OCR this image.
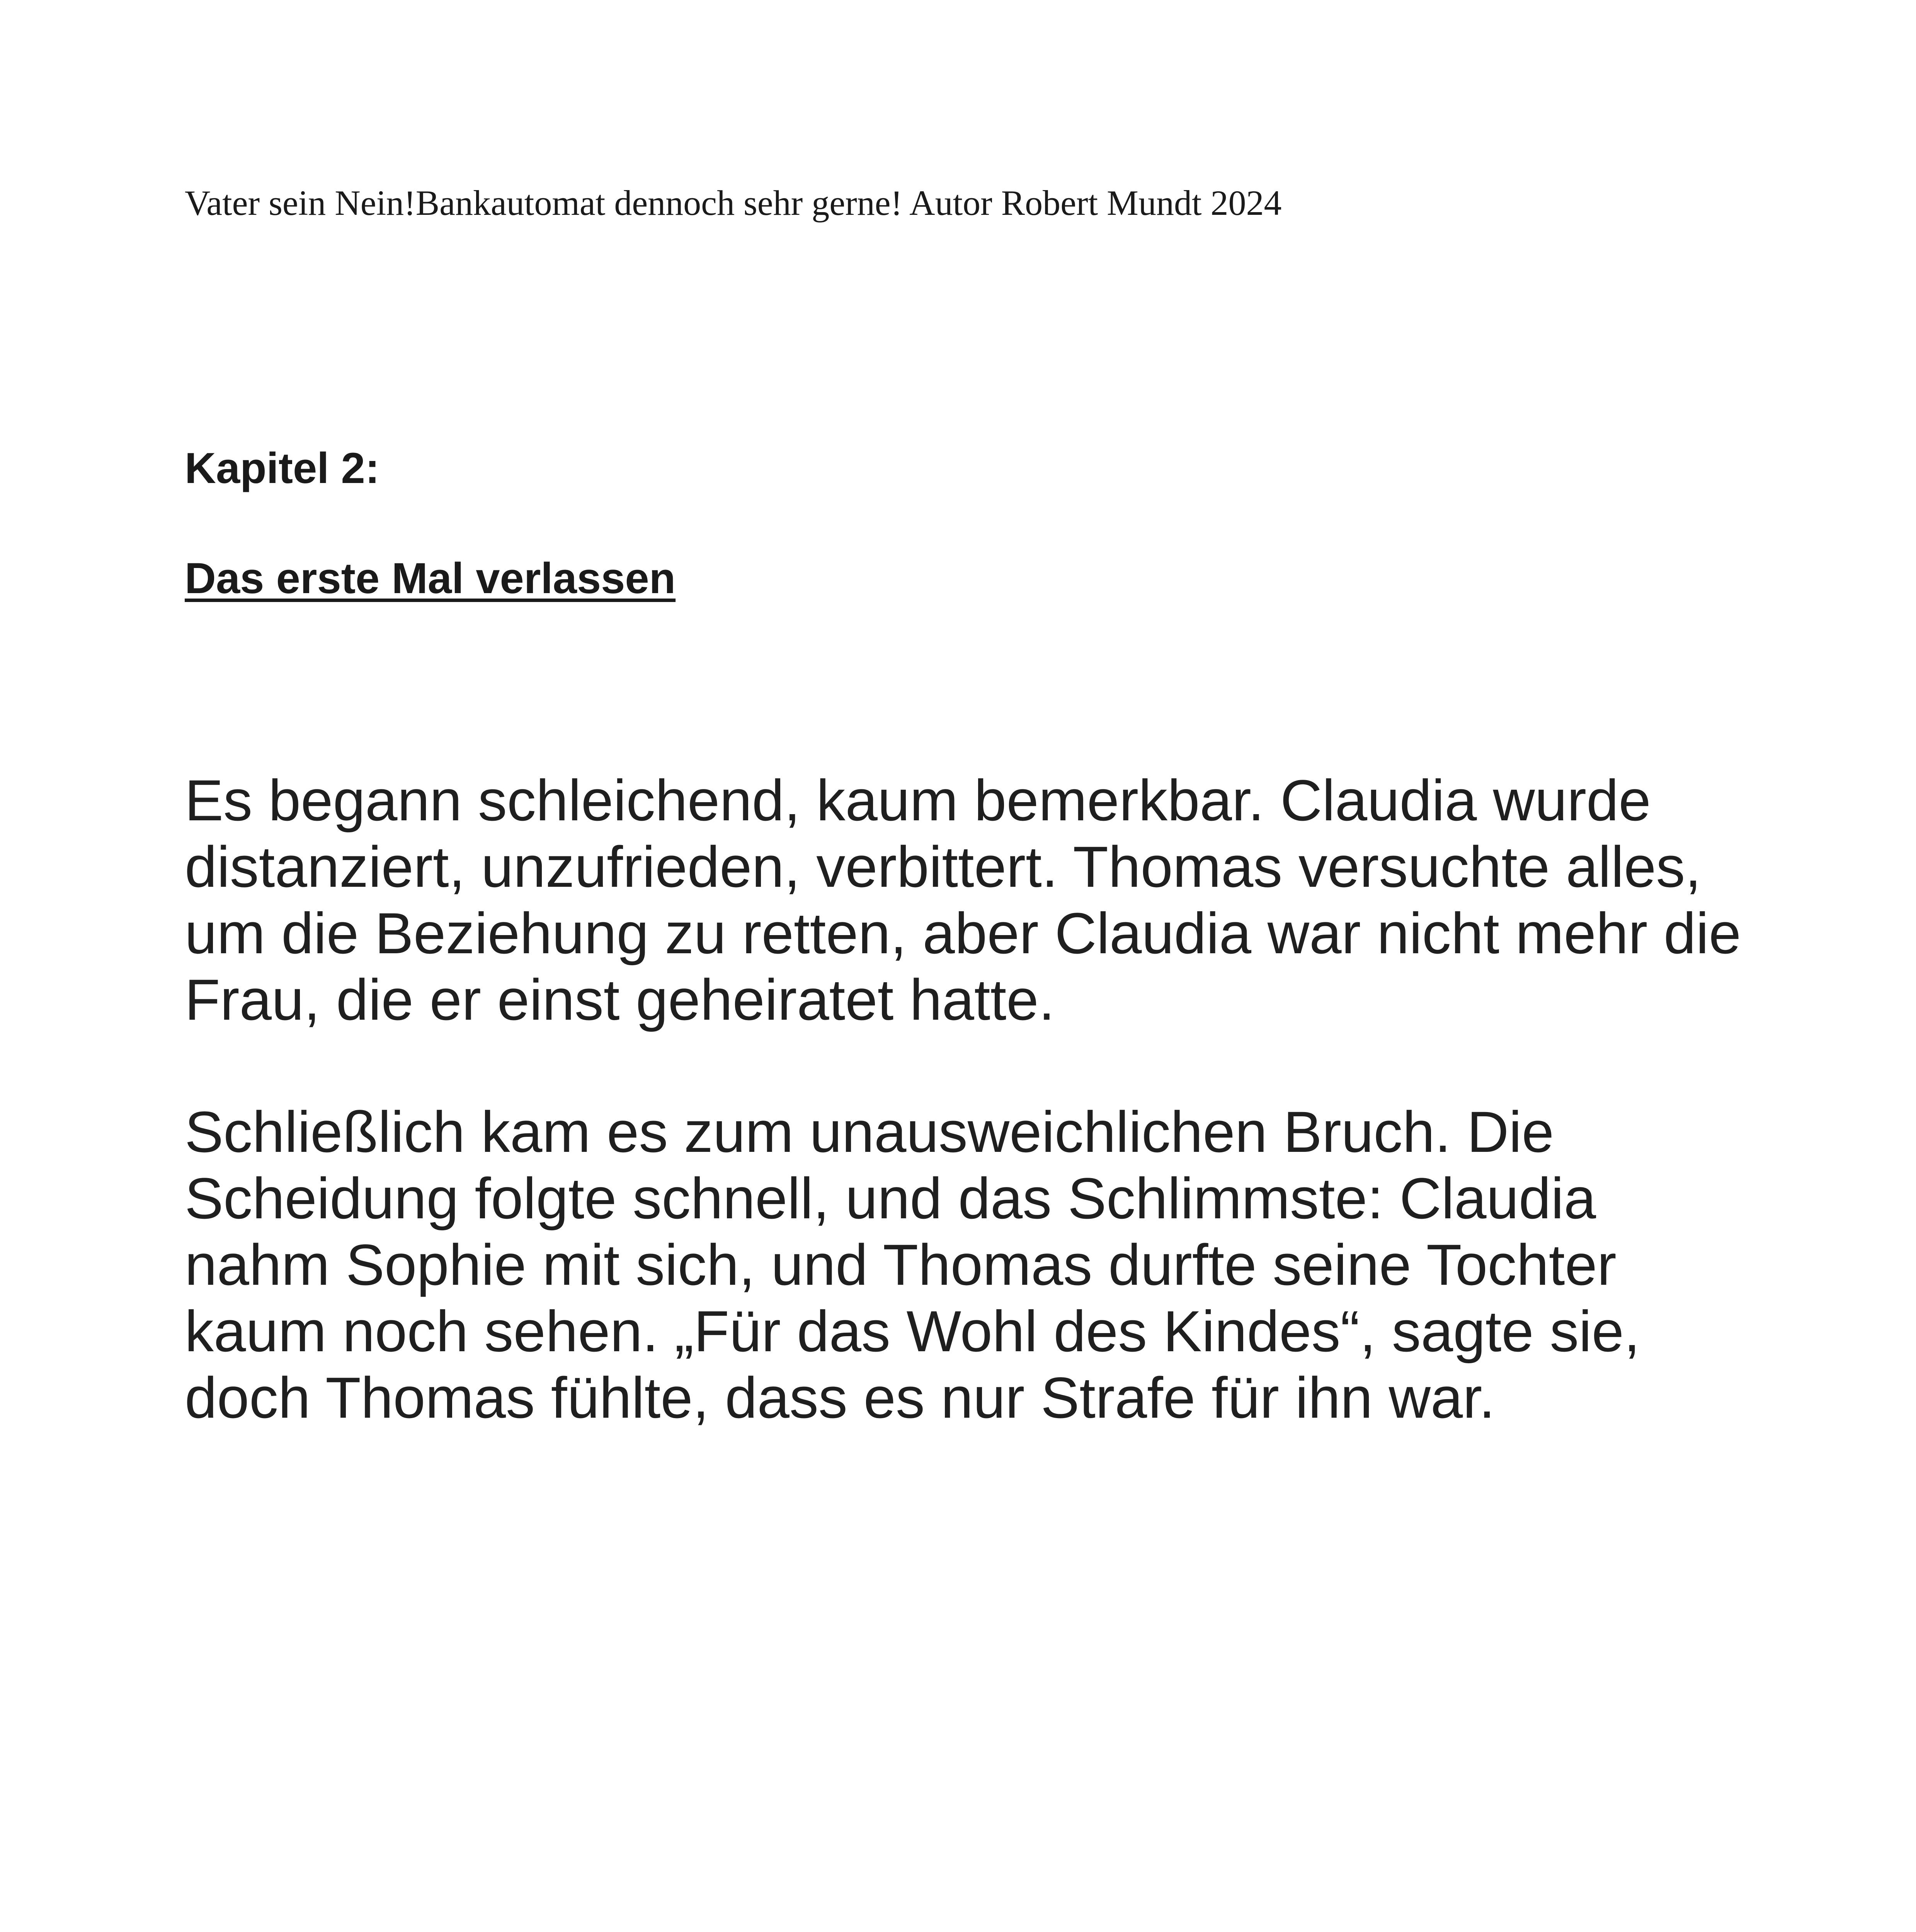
Vater sein Nein!Bankautomat dennoch sehr gerne! Autor Robert Mundt 2024

Kapitel 2:
Das erste Mal verlassen

Es begann schleichend, kaum bemerkbar. Claudia wurde distanziert, unzufrieden, verbittert. Thomas versuchte alles, um die Beziehung zu retten, aber Claudia war nicht mehr die Frau, die er einst geheiratet hatte.

Schließlich kam es zum unausweichlichen Bruch. Die Scheidung folgte schnell, und das Schlimmste: Claudia nahm Sophie mit sich, und Thomas durfte seine Tochter kaum noch sehen. „Für das Wohl des Kindes“, sagte sie, doch Thomas fühlte, dass es nur Strafe für ihn war.
